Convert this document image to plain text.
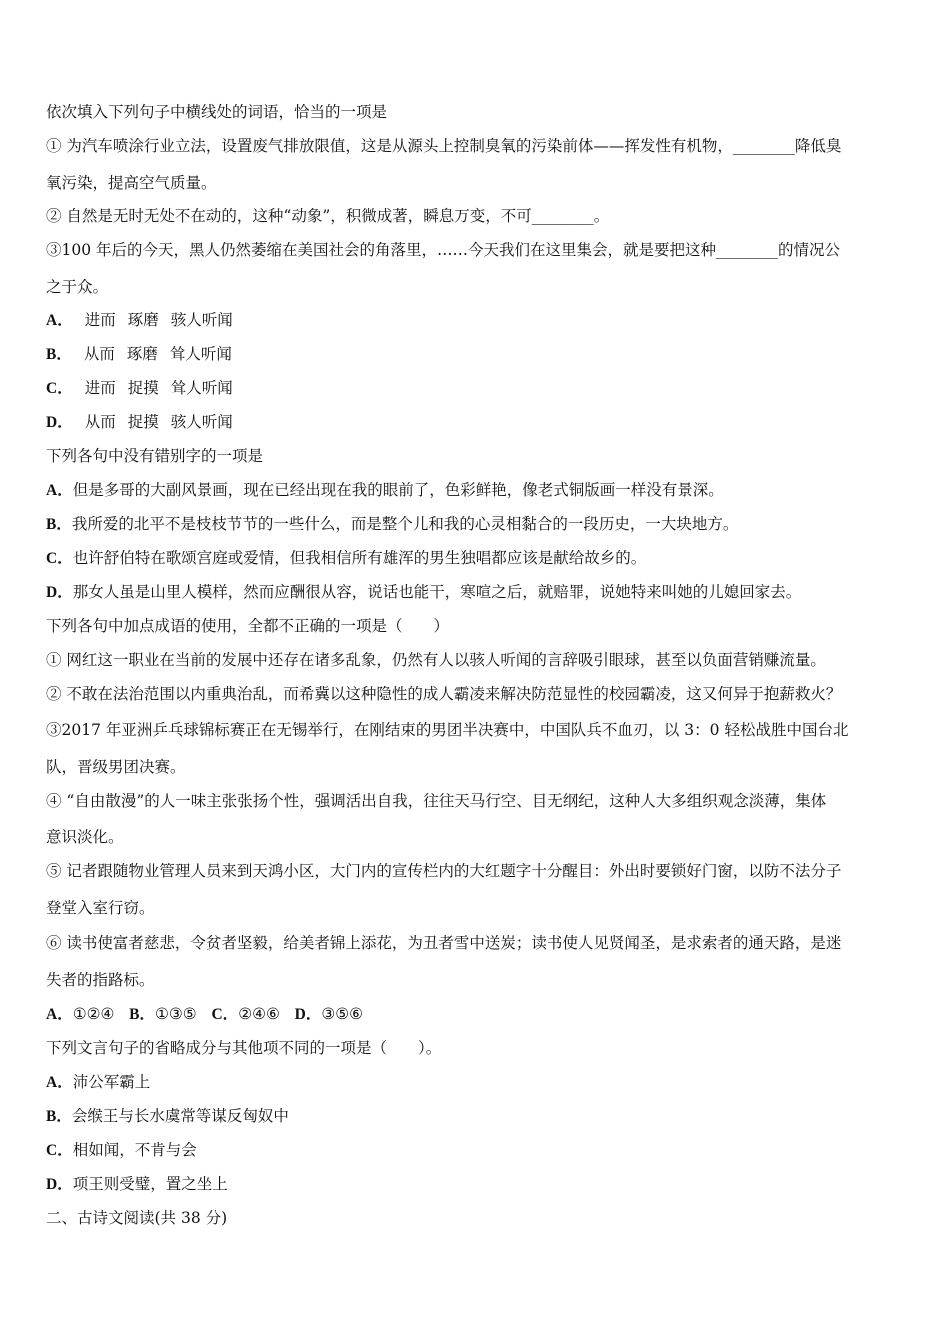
依次填入下列句子中横线处的词语，恰当的一项是
① 为汽车喷涂行业立法，设置废气排放限值，这是从源头上控制臭氧的污染前体——挥发性有机物，________降低臭
氧污染，提高空气质量。
② 自然是无时无处不在动的，这种“动象”，积微成著，瞬息万变，不可________。
③100 年后的今天，黑人仍然萎缩在美国社会的角落里，……今天我们在这里集会，就是要把这种________的情况公
之于众。
A． 进而 琢磨 骇人听闻
B． 从而 琢磨 耸人听闻
C． 进而 捉摸 耸人听闻
D． 从而 捉摸 骇人听闻
下列各句中没有错别字的一项是
A．但是多哥的大副风景画，现在已经出现在我的眼前了，色彩鲜艳，像老式铜版画一样没有景深。
B．我所爱的北平不是枝枝节节的一些什么，而是整个儿和我的心灵相黏合的一段历史，一大块地方。
C．也许舒伯特在歌颂宫庭或爱情，但我相信所有雄浑的男生独唱都应该是献给故乡的。
D．那女人虽是山里人模样，然而应酬很从容，说话也能干，寒喧之后，就赔罪，说她特来叫她的儿媳回家去。
下列各句中加点成语的使用，全都不正确的一项是（　　）
① 网红这一职业在当前的发展中还存在诸多乱象，仍然有人以骇人听闻的言辞吸引眼球，甚至以负面营销赚流量。
② 不敢在法治范围以内重典治乱，而希冀以这种隐性的成人霸凌来解决防范显性的校园霸凌，这又何异于抱薪救火？
③2017 年亚洲乒乓球锦标赛正在无锡举行，在刚结束的男团半决赛中，中国队兵不血刃，以 3：0 轻松战胜中国台北
队，晋级男团决赛。
④ “自由散漫”的人一味主张张扬个性，强调活出自我，往往天马行空、目无纲纪，这种人大多组织观念淡薄，集体
意识淡化。
⑤ 记者跟随物业管理人员来到天鸿小区，大门内的宣传栏内的大红题字十分醒目：外出时要锁好门窗，以防不法分子
登堂入室行窃。
⑥ 读书使富者慈悲，令贫者坚毅，给美者锦上添花，为丑者雪中送炭；读书使人见贤闻圣，是求索者的通天路，是迷
失者的指路标。
A．①②④ B．①③⑤ C．②④⑥ D．③⑤⑥
下列文言句子的省略成分与其他项不同的一项是（　　）。
A．沛公军霸上
B．会缑王与长水虞常等谋反匈奴中
C．相如闻，不肯与会
D．项王则受璧，置之坐上
二、古诗文阅读(共 38 分)
